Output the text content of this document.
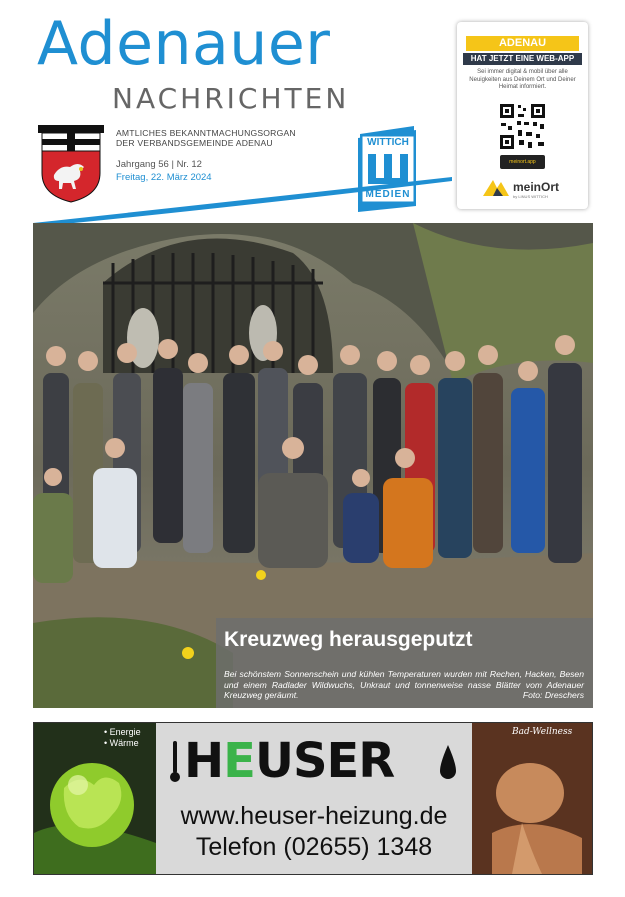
Adenauer
NACHRICHTEN
AMTLICHES BEKANNTMACHUNGSORGAN
DER VERBANDSGEMEINDE ADENAU
Jahrgang 56 | Nr. 12
Freitag, 22. März 2024
WITTICH
MEDIEN
ADENAU
HAT JETZT EINE WEB-APP
Sei immer digital & mobil über alle Neuigkeiten aus Deinem Ort und Deiner Heimat informiert.
meinort.app
meinOrt
by LINUS WITTICH
Kreuzweg herausgeputzt
Bei schönstem Sonnenschein und kühlen Temperaturen wurden mit Rechen, Hacken, Besen und einem Radlader Wildwuchs, Unkraut und tonnenweise nasse Blätter vom Adenauer Kreuzweg geräumt.	Foto: Dreschers
• Energie
• Wärme HEUSER
www.heuser-heizung.de
Telefon (02655) 1348
Bad-Wellness
